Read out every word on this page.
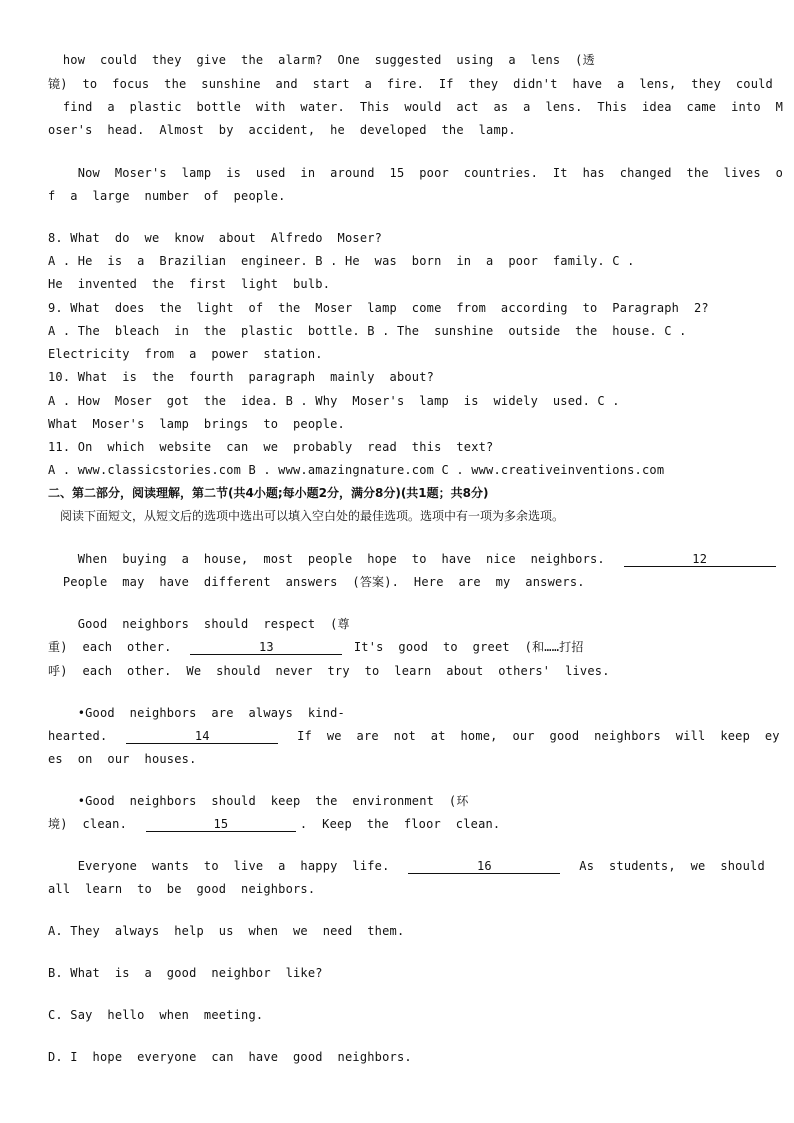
how  could  they  give  the  alarm?  One  suggested  using  a  lens  (透
镜)  to  focus  the  sunshine  and  start  a  fire.  If  they  didn't  have  a  lens,  they  could
find  a  plastic  bottle  with  water.  This  would  act  as  a  lens.  This  idea  came  into  M
oser's  head.  Almost  by  accident,  he  developed  the  lamp.
Now  Moser's  lamp  is  used  in  around  15  poor  countries.  It  has  changed  the  lives  o
f  a  large  number  of  people.
8. What  do  we  know  about  Alfredo  Moser?
A . He  is  a  Brazilian  engineer. B . He  was  born  in  a  poor  family. C .
He  invented  the  first  light  bulb.
9. What  does  the  light  of  the  Moser  lamp  come  from  according  to  Paragraph  2?
A . The  bleach  in  the  plastic  bottle. B . The  sunshine  outside  the  house. C .
Electricity  from  a  power  station.
10. What  is  the  fourth  paragraph  mainly  about?
A . How  Moser  got  the  idea. B . Why  Moser's  lamp  is  widely  used. C .
What  Moser's  lamp  brings  to  people.
11. On  which  website  can  we  probably  read  this  text?
A . www.classicstories.com B . www.amazingnature.com C . www.creativeinventions.com
二、第二部分，阅读理解，第二节(共4小题;每小题2分，满分8分)(共1题；共8分)
阅读下面短文，从短文后的选项中选出可以填入空白处的最佳选项。选项中有一项为多余选项。
When  buying  a  house,  most  people  hope  to  have  nice  neighbors.	12
People  may  have  different  answers  (答案).  Here  are  my  answers.
Good  neighbors  should  respect  (尊
重)  each  other.	13	It's  good  to  greet  (和……打招
呼)  each  other.  We  should  never  try  to  learn  about  others'  lives.
•Good  neighbors  are  always  kind-
hearted.	14	If  we  are  not  at  home,  our  good  neighbors  will  keep  ey
es  on  our  houses.
•Good  neighbors  should  keep  the  environment  (环
境)  clean.	15	.  Keep  the  floor  clean.
Everyone  wants  to  live  a  happy  life.	16	As  students,  we  should
all  learn  to  be  good  neighbors.
A. They  always  help  us  when  we  need  them.
B. What  is  a  good  neighbor  like?
C. Say  hello  when  meeting.
D. I  hope  everyone  can  have  good  neighbors.
